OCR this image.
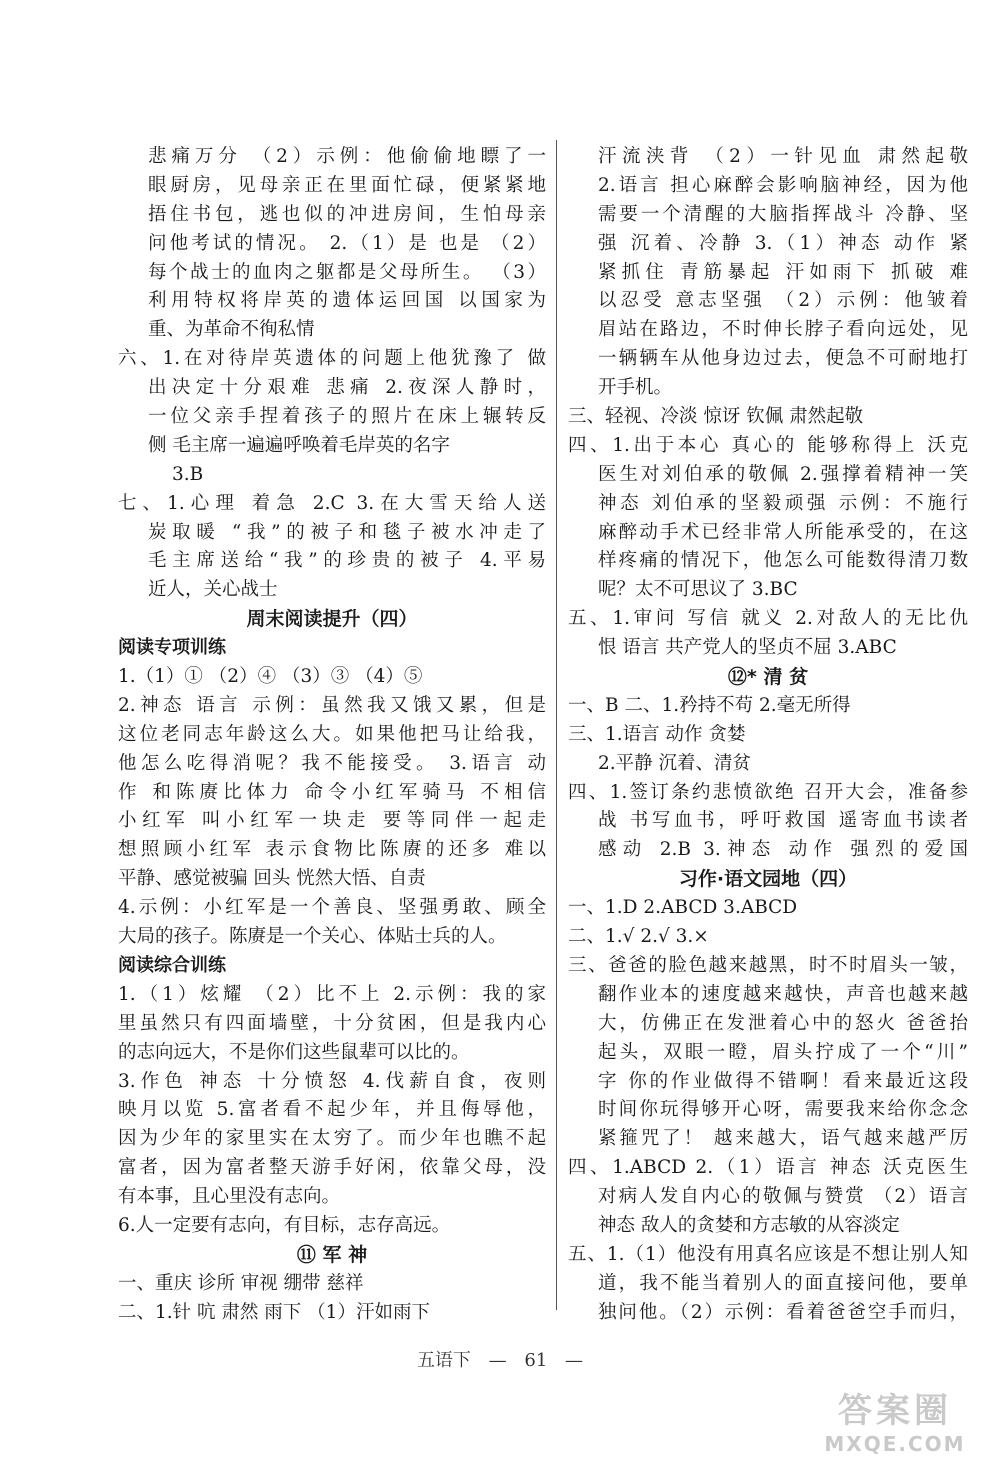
悲痛万分 （2）示例：他偷偷地瞟了一
眼厨房，见母亲正在里面忙碌，便紧紧地
捂住书包，逃也似的冲进房间，生怕母亲
问他考试的情况。 2.（1）是 也是 （2）
每个战士的血肉之躯都是父母所生。 （3）
利用特权将岸英的遗体运回国 以国家为
重、为革命不徇私情
六、1.在对待岸英遗体的问题上他犹豫了 做
出决定十分艰难 悲痛 2.夜深人静时，
一位父亲手捏着孩子的照片在床上辗转反
侧 毛主席一遍遍呼唤着毛岸英的名字
3.B
七、1.心理 着急 2.C 3.在大雪天给人送
炭取暖 “我”的被子和毯子被水冲走了
毛主席送给“我”的珍贵的被子 4.平易
近人，关心战士
周末阅读提升（四）
阅读专项训练
1.（1）① （2）④ （3）③ （4）⑤
2.神态 语言 示例：虽然我又饿又累，但是
这位老同志年龄这么大。如果他把马让给我，
他怎么吃得消呢？我不能接受。 3.语言 动
作 和陈赓比体力 命令小红军骑马 不相信
小红军 叫小红军一块走 要等同伴一起走
想照顾小红军 表示食物比陈赓的还多 难以
平静、感觉被骗 回头 恍然大悟、自责
4.示例：小红军是一个善良、坚强勇敢、顾全
大局的孩子。陈赓是一个关心、体贴士兵的人。
阅读综合训练
1.（1）炫耀 （2）比不上 2.示例：我的家
里虽然只有四面墙壁，十分贫困，但是我内心
的志向远大，不是你们这些鼠辈可以比的。
3.作色 神态 十分愤怒 4.伐薪自食，夜则
映月以览 5.富者看不起少年，并且侮辱他，
因为少年的家里实在太穷了。而少年也瞧不起
富者，因为富者整天游手好闲，依靠父母，没
有本事，且心里没有志向。
6.人一定要有志向，有目标，志存高远。
⑪ 军 神
一、重庆 诊所 审视 绷带 慈祥
二、1.针 吭 肃然 雨下 （1）汗如雨下
汗流浃背 （2）一针见血 肃然起敬
2.语言 担心麻醉会影响脑神经，因为他
需要一个清醒的大脑指挥战斗 冷静、坚
强 沉着、冷静 3.（1）神态 动作 紧
紧抓住 青筋暴起 汗如雨下 抓破 难
以忍受 意志坚强 （2）示例：他皱着
眉站在路边，不时伸长脖子看向远处，见
一辆辆车从他身边过去，便急不可耐地打
开手机。
三、轻视、冷淡 惊讶 钦佩 肃然起敬
四、1.出于本心 真心的 能够称得上 沃克
医生对刘伯承的敬佩 2.强撑着精神一笑
神态 刘伯承的坚毅顽强 示例：不施行
麻醉动手术已经非常人所能承受的，在这
样疼痛的情况下，他怎么可能数得清刀数
呢？太不可思议了 3.BC
五、1.审问 写信 就义 2.对敌人的无比仇
恨 语言 共产党人的坚贞不屈 3.ABC
⑫* 清 贫
一、B 二、1.矜持不苟 2.毫无所得
三、1.语言 动作 贪婪
2.平静 沉着、清贫
四、1.签订条约悲愤欲绝 召开大会，准备参
战 书写血书，呼吁救国 遥寄血书读者
感动 2.B 3.神态 动作 强烈的爱国
习作·语文园地（四）
一、1.D 2.ABCD 3.ABCD
二、1.√ 2.√ 3.×
三、爸爸的脸色越来越黑，时不时眉头一皱，
翻作业本的速度越来越快，声音也越来越
大，仿佛正在发泄着心中的怒火 爸爸抬
起头，双眼一瞪，眉头拧成了一个“川”
字 你的作业做得不错啊！看来最近这段
时间你玩得够开心呀，需要我来给你念念
紧箍咒了！ 越来越大，语气越来越严厉
四、1.ABCD 2.（1）语言 神态 沃克医生
对病人发自内心的敬佩与赞赏 （2）语言
神态 敌人的贪婪和方志敏的从容淡定
五、1.（1）他没有用真名应该是不想让别人知
道，我不能当着别人的面直接问他，要单
独问他。（2）示例：看着爸爸空手而归，
五语下 — 61 —
答案圈
MXQE.COM
